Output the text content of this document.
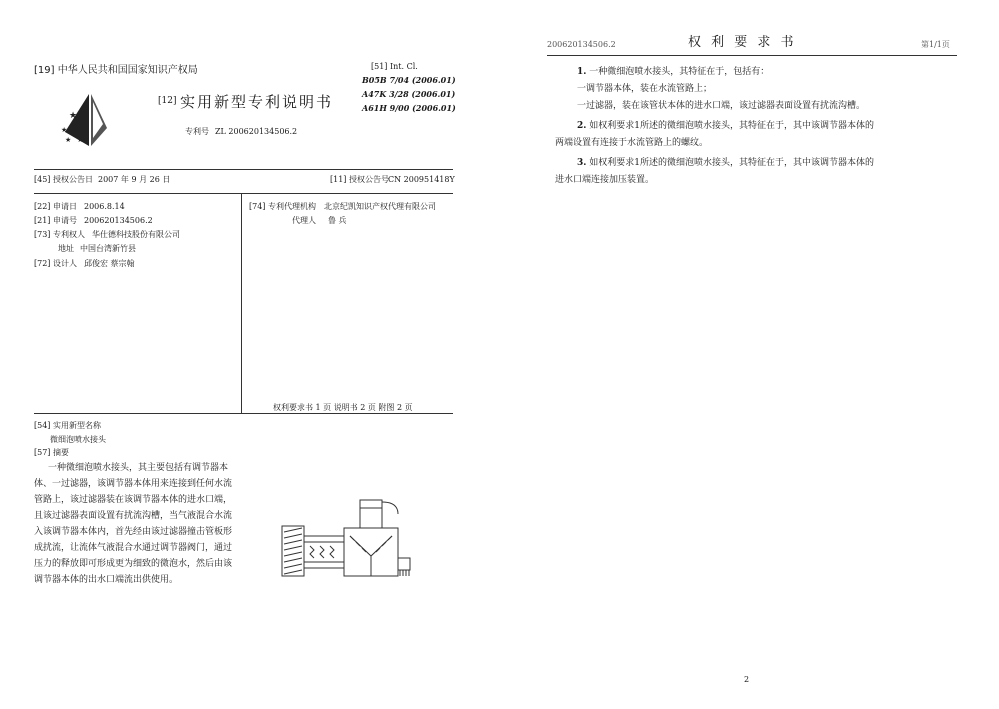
[19] 中华人民共和国国家知识产权局
★
★ ★
★ ★
[12] 实用新型专利说明书
专利号 ZL 200620134506.2
[51] Int. Cl.
B05B 7/04 (2006.01)
A47K 3/28 (2006.01)
A61H 9/00 (2006.01)
[45] 授权公告日 2007 年 9 月 26 日	[11] 授权公告号 CN 200951418Y
[22] 申请日 2006.8.14
[21] 申请号 200620134506.2
[73] 专利权人 华仕德科技股份有限公司
地址 中国台湾新竹县
[72] 设计人 邱俊宏 蔡宗翰
[74] 专利代理机构 北京纪凯知识产权代理有限公司
代理人 鲁 兵
权利要求书 1 页 说明书 2 页 附图 2 页
[54] 实用新型名称
微细泡喷水接头
[57] 摘要
一种微细泡喷水接头，其主要包括有调节器本
体、一过滤器，该调节器本体用来连接到任何水流
管路上，该过滤器装在该调节器本体的进水口端，
且该过滤器表面设置有扰流沟槽，当气液混合水流
入该调节器本体内，首先经由该过滤器撞击管板形
成扰流，让流体气液混合水通过调节器阀门，通过
压力的释放即可形成更为细致的微泡水，然后由该
调节器本体的出水口端流出供使用。
200620134506.2	权 利 要 求 书	第1/1页
1. 一种微细泡喷水接头，其特征在于，包括有：
一调节器本体，装在水流管路上；
一过滤器，装在该管状本体的进水口端，该过滤器表面设置有扰流沟槽。
2. 如权利要求1所述的微细泡喷水接头，其特征在于，其中该调节器本体的
两端设置有连接于水流管路上的螺纹。
3. 如权利要求1所述的微细泡喷水接头，其特征在于，其中该调节器本体的
进水口端连接加压装置。
2
